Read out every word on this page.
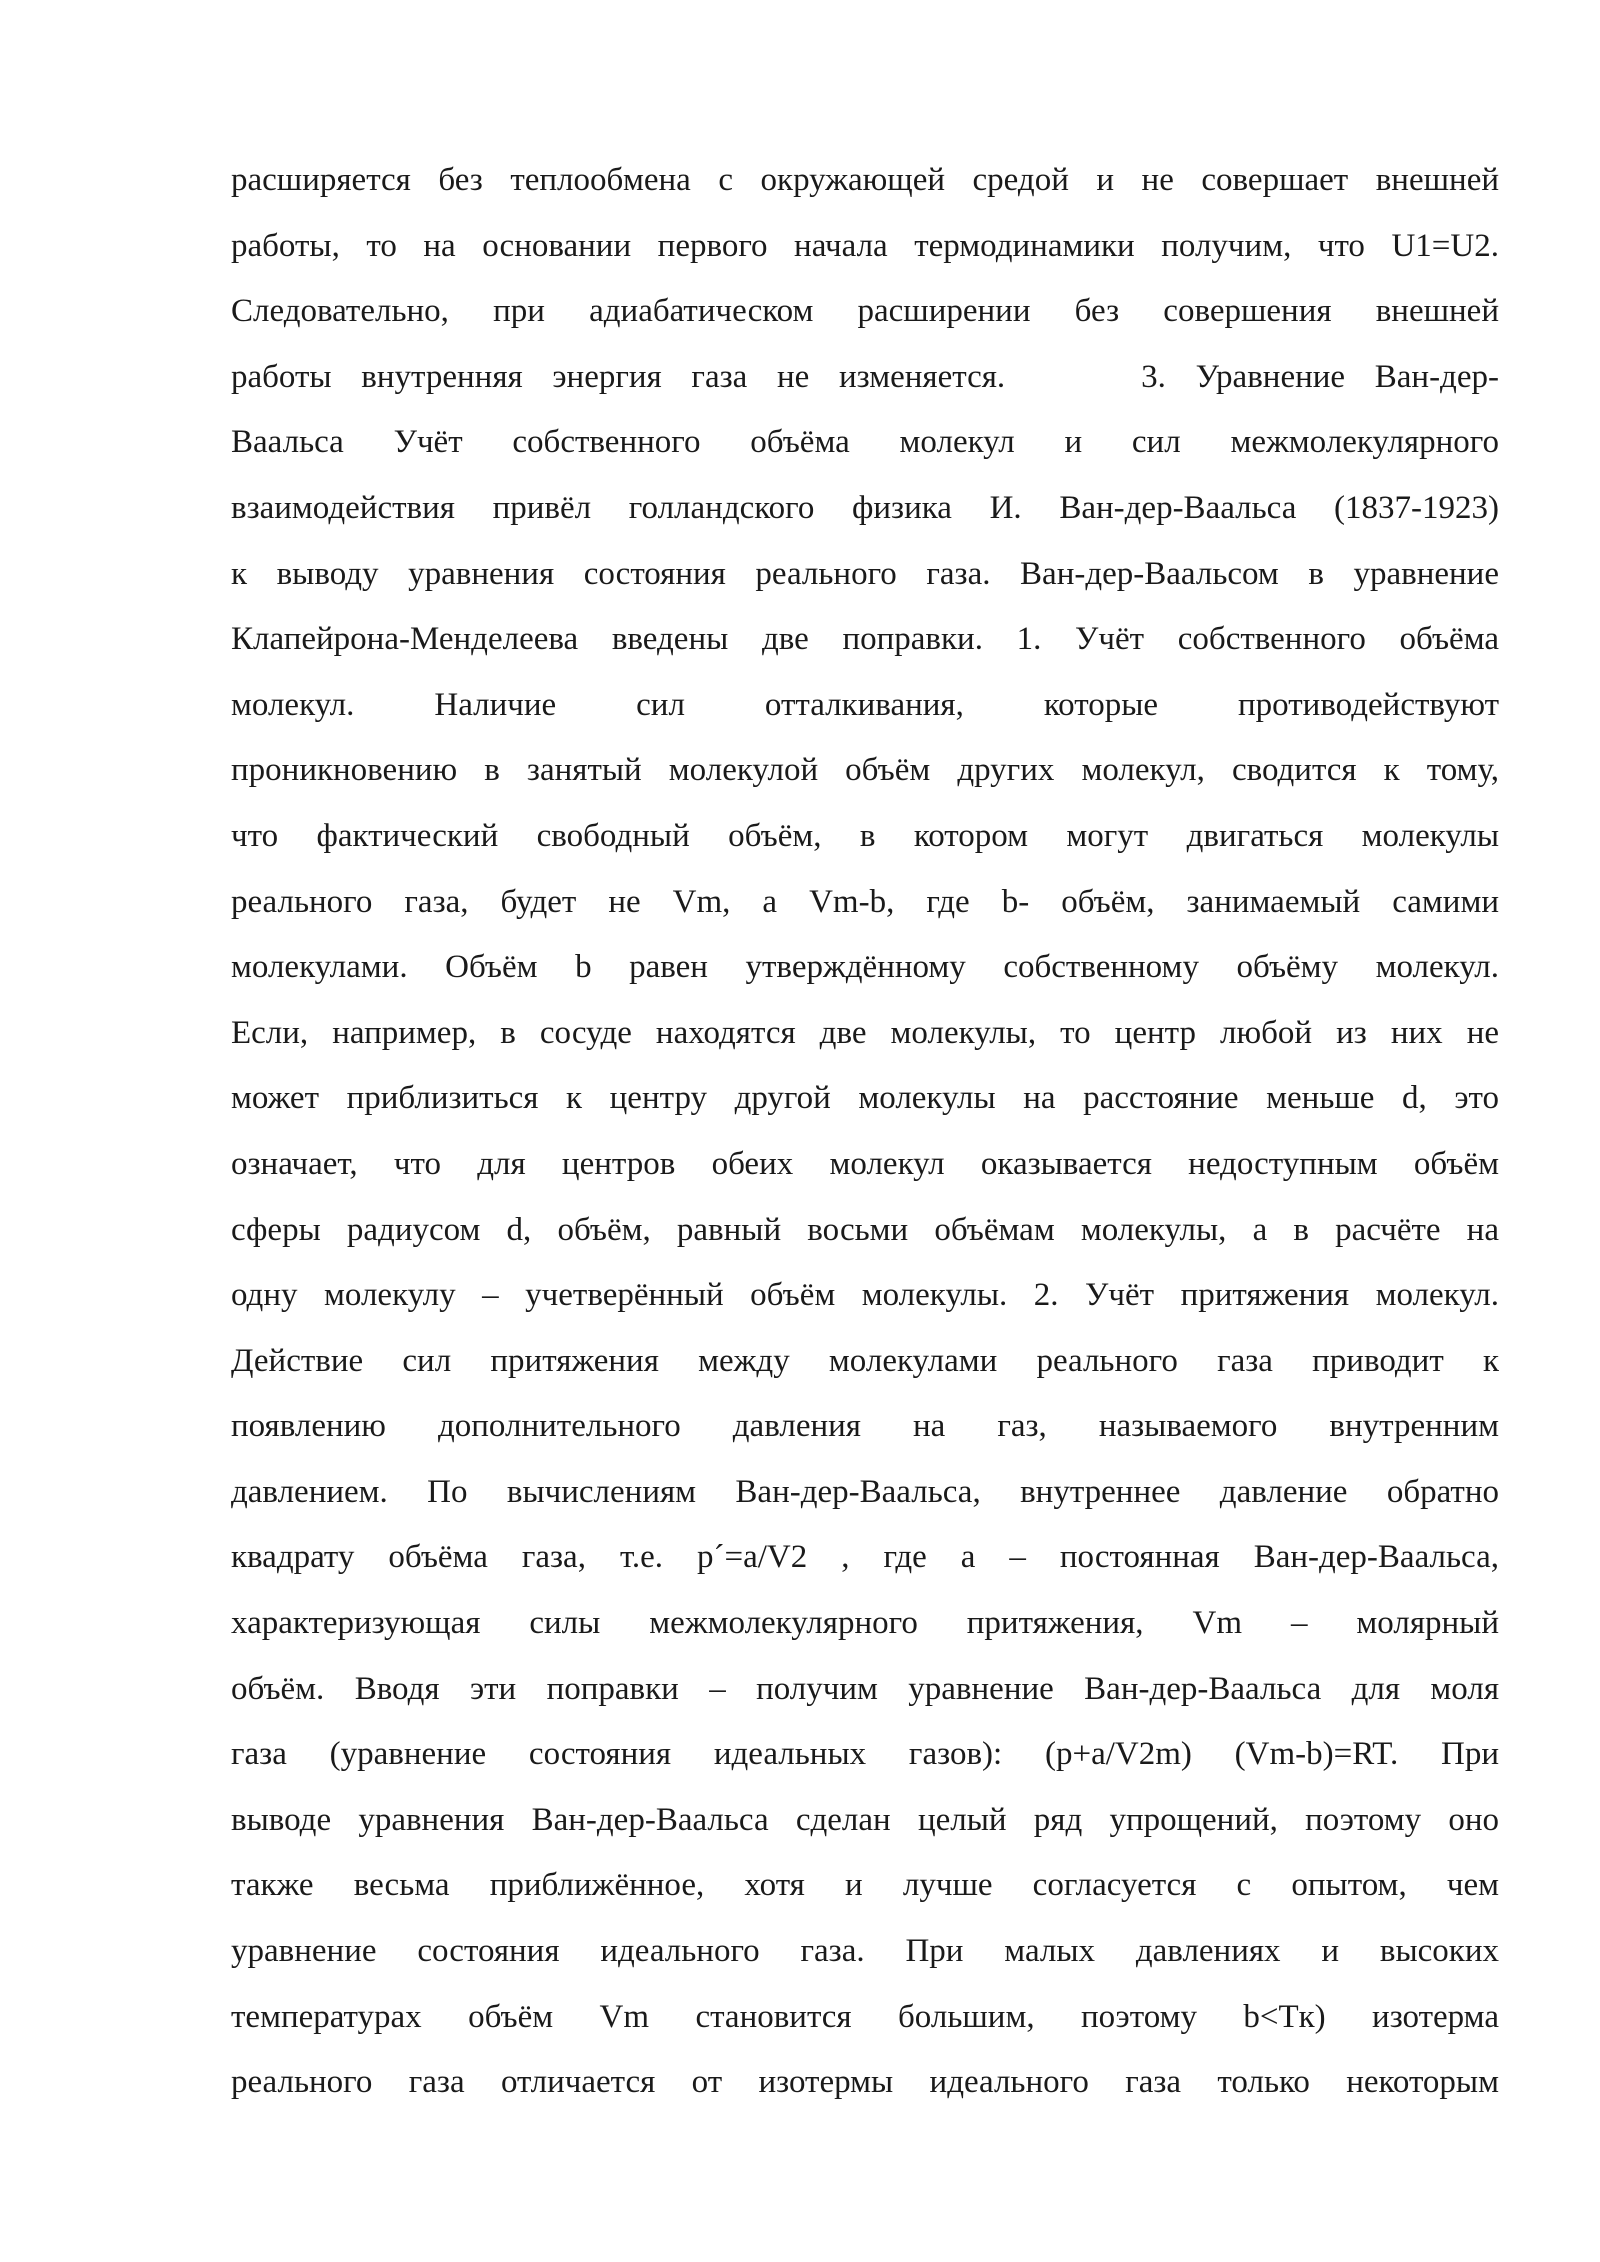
расширяется без теплообмена с окружающей средой и не совершает внешней
работы, то на основании первого начала термодинамики получим, что U1=U2.
Следовательно, при адиабатическом расширении без совершения внешней
работы внутренняя энергия газа не изменяется.	3. Уравнение Ван-дер-
Ваальса Учёт собственного объёма молекул и сил межмолекулярного
взаимодействия привёл голландского физика И. Ван-дер-Ваальса (1837-1923)
к выводу уравнения состояния реального газа. Ван-дер-Ваальсом в уравнение
Клапейрона-Менделеева введены две поправки. 1. Учёт собственного объёма
молекул. Наличие сил отталкивания, которые противодействуют
проникновению в занятый молекулой объём других молекул, сводится к тому,
что фактический свободный объём, в котором могут двигаться молекулы
реального газа, будет не Vm, а Vm-b, где b- объём, занимаемый самими
молекулами. Объём b равен утверждённому собственному объёму молекул.
Если, например, в сосуде находятся две молекулы, то центр любой из них не
может приблизиться к центру другой молекулы на расстояние меньше d, это
означает, что для центров обеих молекул оказывается недоступным объём
сферы радиусом d, объём, равный восьми объёмам молекулы, а в расчёте на
одну молекулу – учетверённый объём молекулы. 2. Учёт притяжения молекул.
Действие сил притяжения между молекулами реального газа приводит к
появлению дополнительного давления на газ, называемого внутренним
давлением. По вычислениям Ван-дер-Ваальса, внутреннее давление обратно
квадрату объёма газа, т.е. p´=a/V2 , где a – постоянная Ван-дер-Ваальса,
характеризующая силы межмолекулярного притяжения, Vm – молярный
объём. Вводя эти поправки – получим уравнение Ван-дер-Ваальса для моля
газа (уравнение состояния идеальных газов): (p+a/V2m) (Vm-b)=RT. При
выводе уравнения Ван-дер-Ваальса сделан целый ряд упрощений, поэтому оно
также весьма приближённое, хотя и лучше согласуется с опытом, чем
уравнение состояния идеального газа. При малых давлениях и высоких
температурах объём Vm становится большим, поэтому b<Tк) изотерма
реального газа отличается от изотермы идеального газа только некоторым
